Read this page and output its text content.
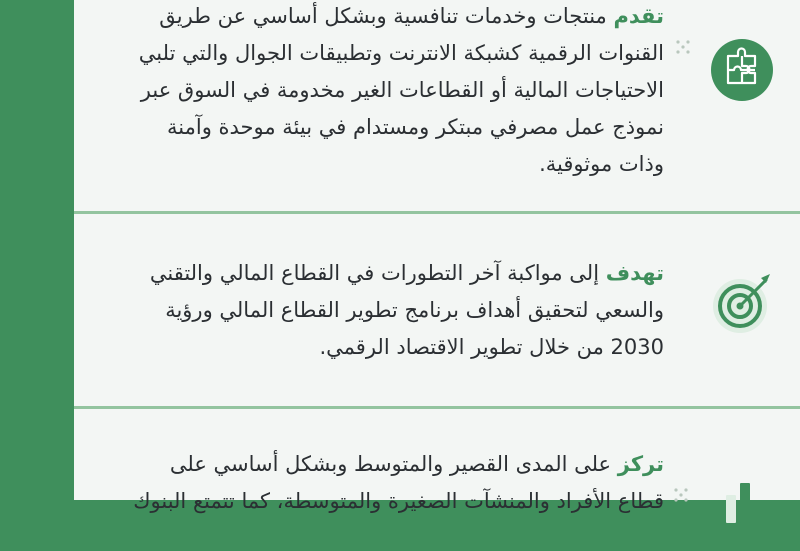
تقدم منتجات وخدمات تنافسية وبشكل أساسي عن طريق القنوات الرقمية كشبكة الانترنت وتطبيقات الجوال والتي تلبي الاحتياجات المالية أو القطاعات الغير مخدومة في السوق عبر نموذج عمل مصرفي مبتكر ومستدام في بيئة موحدة وآمنة وذات موثوقية.
تهدف إلى مواكبة آخر التطورات في القطاع المالي والتقني والسعي لتحقيق أهداف برنامج تطوير القطاع المالي ورؤية 2030 من خلال تطوير الاقتصاد الرقمي.
تركز على المدى القصير والمتوسط وبشكل أساسي على قطاع الأفراد والمنشآت الصغيرة والمتوسطة، كما تتمتع البنوك
